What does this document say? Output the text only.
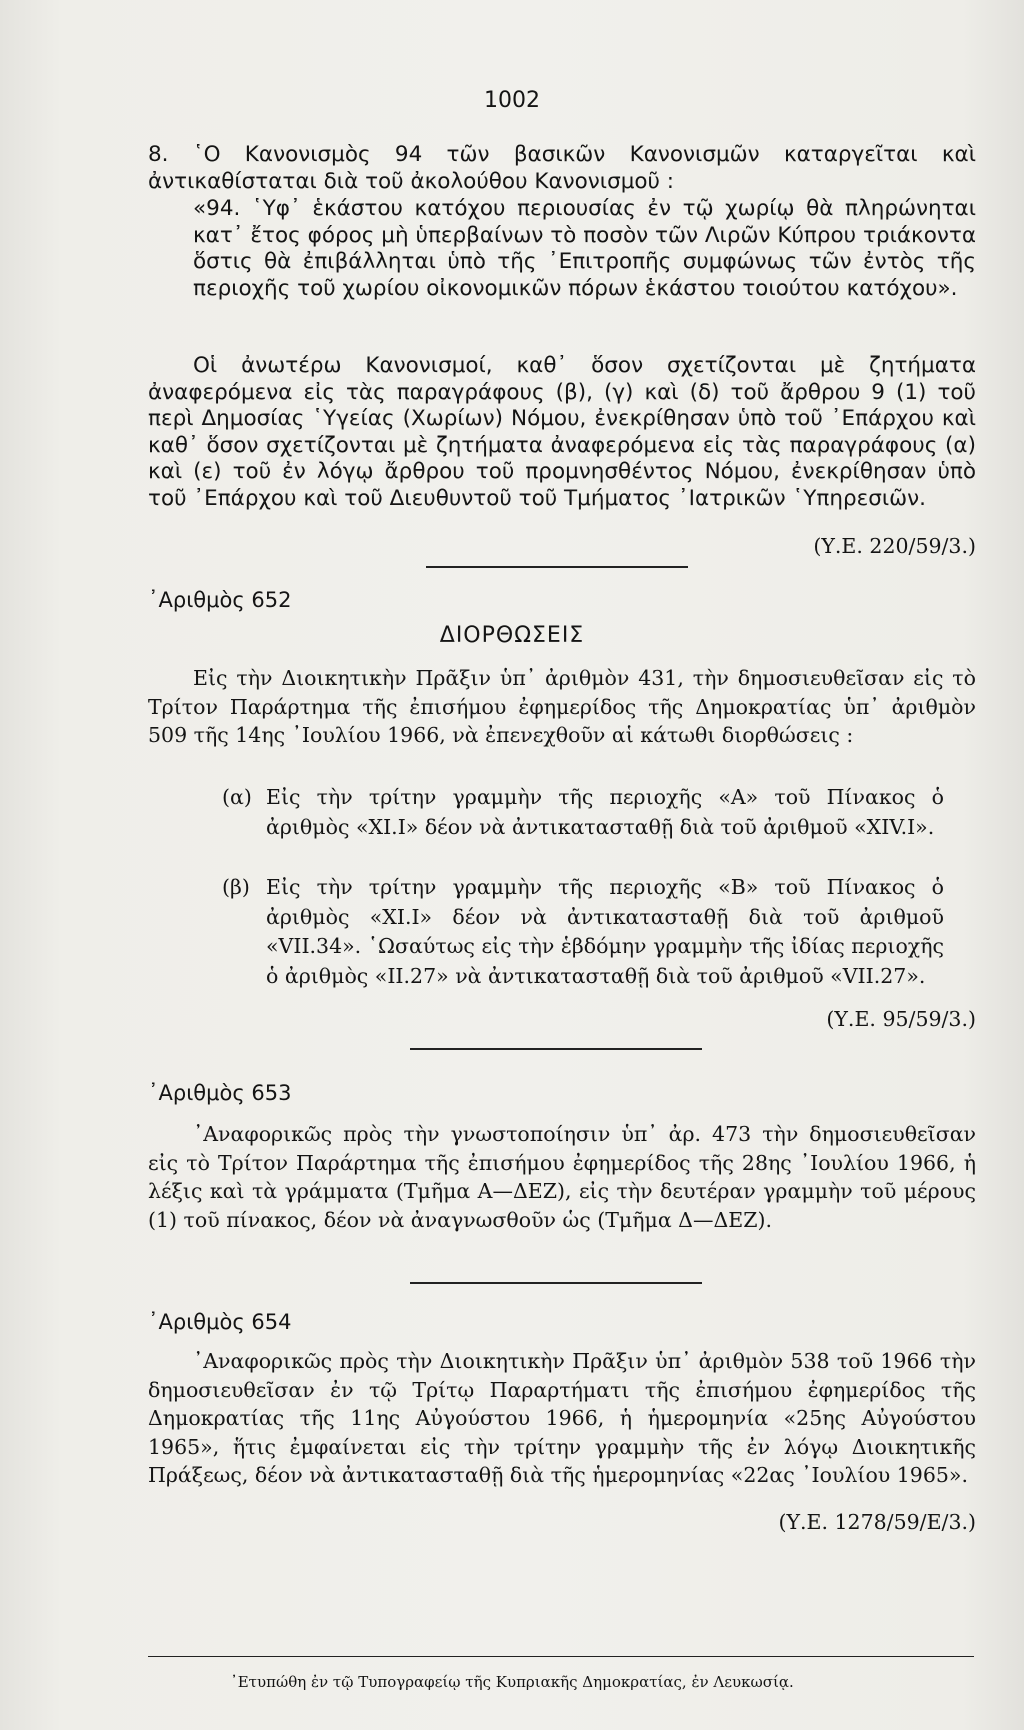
1002

8. ῾Ο Κανονισμὸς 94 τῶν βασικῶν Κανονισμῶν καταργεῖται καὶ ἀντικαθίσταται διὰ τοῦ ἀκολούθου Κανονισμοῦ :

«94. ῾Υφ᾿ ἑκάστου κατόχου περιουσίας ἐν τῷ χωρίῳ θὰ πληρώνηται κατ᾿ ἔτος φόρος μὴ ὑπερβαίνων τὸ ποσὸν τῶν Λιρῶν Κύπρου τριάκοντα ὅστις θὰ ἐπιβάλληται ὑπὸ τῆς ᾿Επιτροπῆς συμφώνως τῶν ἐντὸς τῆς περιοχῆς τοῦ χωρίου οἰκονομικῶν πόρων ἑκάστου τοιούτου κατόχου».

Οἱ ἀνωτέρω Κανονισμοί, καθ᾿ ὅσον σχετίζονται μὲ ζητήματα ἀναφερόμενα εἰς τὰς παραγράφους (β), (γ) καὶ (δ) τοῦ ἄρθρου 9 (1) τοῦ περὶ Δημοσίας ῾Υγείας (Χωρίων) Νόμου, ἐνεκρίθησαν ὑπὸ τοῦ ᾿Επάρχου καὶ καθ᾿ ὅσον σχετίζονται μὲ ζητήματα ἀναφερόμενα εἰς τὰς παραγράφους (α) καὶ (ε) τοῦ ἐν λόγῳ ἄρθρου τοῦ προμνησθέντος Νόμου, ἐνεκρίθησαν ὑπὸ τοῦ ᾿Επάρχου καὶ τοῦ Διευθυντοῦ τοῦ Τμήματος ᾿Ιατρικῶν ῾Υπηρεσιῶν.

(Υ.Ε. 220/59/3.)
᾿Αριθμὸς 652
ΔΙΟΡΘΩΣΕΙΣ

Εἰς τὴν Διοικητικὴν Πρᾶξιν ὑπ᾿ ἀριθμὸν 431, τὴν δημοσιευθεῖσαν εἰς τὸ Τρίτον Παράρτημα τῆς ἐπισήμου ἐφημερίδος τῆς Δημοκρατίας ὑπ᾿ ἀριθμὸν 509 τῆς 14ης ᾿Ιουλίου 1966, νὰ ἐπενεχθοῦν αἱ κάτωθι διορθώσεις :

(α) Εἰς τὴν τρίτην γραμμὴν τῆς περιοχῆς «Α» τοῦ Πίνακος ὁ ἀριθμὸς «ΧΙ.Ι» δέον νὰ ἀντικατασταθῇ διὰ τοῦ ἀριθμοῦ «ΧΙV.Ι».
(β) Εἰς τὴν τρίτην γραμμὴν τῆς περιοχῆς «Β» τοῦ Πίνακος ὁ ἀριθμὸς «ΧΙ.Ι» δέον νὰ ἀντικατασταθῇ διὰ τοῦ ἀριθμοῦ «VII.34». ῾Ωσαύτως εἰς τὴν ἑβδόμην γραμμὴν τῆς ἰδίας περιοχῆς ὁ ἀριθμὸς «ΙΙ.27» νὰ ἀντικατασταθῇ διὰ τοῦ ἀριθμοῦ «VII.27».
(Υ.Ε. 95/59/3.)
᾿Αριθμὸς 653

᾿Αναφορικῶς πρὸς τὴν γνωστοποίησιν ὑπ᾿ ἀρ. 473 τὴν δημοσιευθεῖσαν εἰς τὸ Τρίτον Παράρτημα τῆς ἐπισήμου ἐφημερίδος τῆς 28ης ᾿Ιουλίου 1966, ἡ λέξις καὶ τὰ γράμματα (Τμῆμα Α—ΔΕΖ), εἰς τὴν δευτέραν γραμμὴν τοῦ μέρους (1) τοῦ πίνακος, δέον νὰ ἀναγνωσθοῦν ὡς (Τμῆμα Δ—ΔΕΖ).

᾿Αριθμὸς 654

᾿Αναφορικῶς πρὸς τὴν Διοικητικὴν Πρᾶξιν ὑπ᾿ ἀριθμὸν 538 τοῦ 1966 τὴν δημοσιευθεῖσαν ἐν τῷ Τρίτῳ Παραρτήματι τῆς ἐπισήμου ἐφημερίδος τῆς Δημοκρατίας τῆς 11ης Αὐγούστου 1966, ἡ ἡμερομηνία «25ης Αὐγούστου 1965», ἥτις ἐμφαίνεται εἰς τὴν τρίτην γραμμὴν τῆς ἐν λόγῳ Διοικητικῆς Πράξεως, δέον νὰ ἀντικατασταθῇ διὰ τῆς ἡμερομηνίας «22ας ᾿Ιουλίου 1965».

(Υ.Ε. 1278/59/Ε/3.)
᾿Ετυπώθη ἐν τῷ Τυπογραφείῳ τῆς Κυπριακῆς Δημοκρατίας, ἐν Λευκωσίᾳ.
